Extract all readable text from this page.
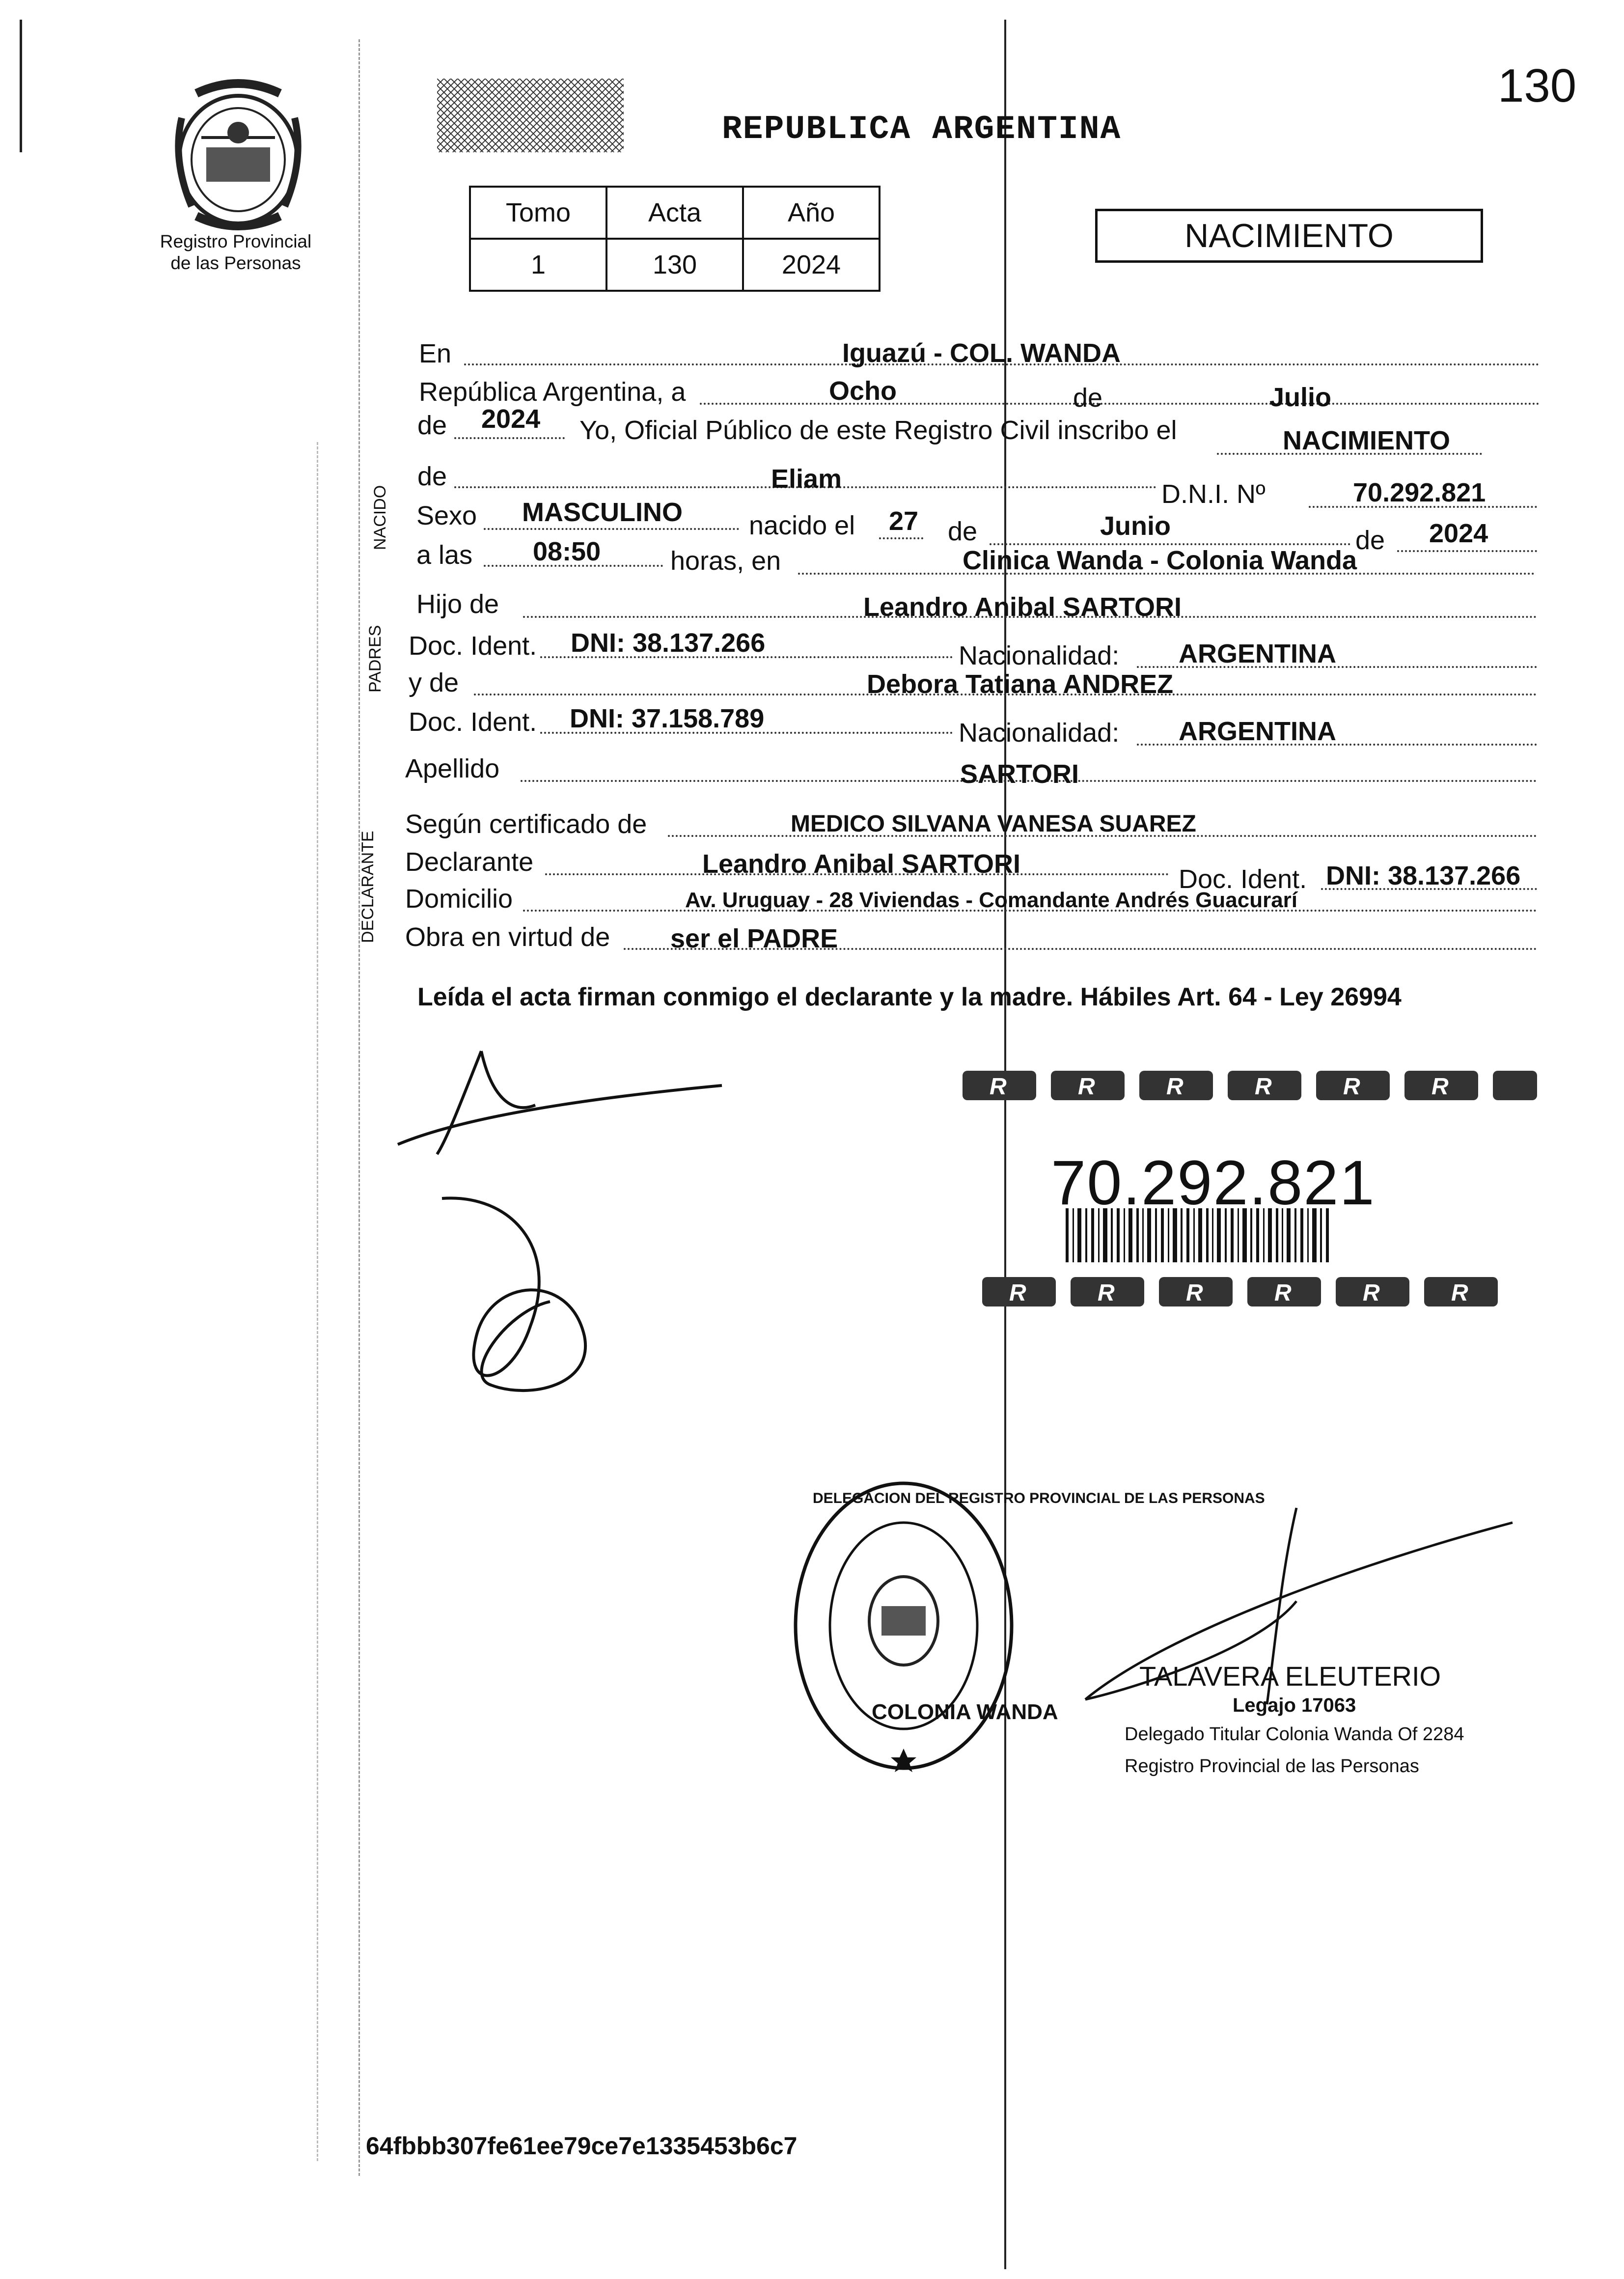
130
Registro Provincial
de las Personas
REPUBLICA ARGENTINA
Tomo	Acta	Año
1	130	2024
NACIMIENTO
NACIDO
PADRES
DECLARANTE
En	Iguazú - COL. WANDA
República Argentina, a	Ocho	de	Julio
de 2024 Yo, Oficial Público de este Registro Civil inscribo el	NACIMIENTO
de	Eliam
D.N.I. Nº	70.292.821
Sexo MASCULINO	nacido el 27 de	Junio	de 2024
a las 08:50	horas, en	Clinica Wanda - Colonia Wanda
Hijo de	Leandro Anibal SARTORI
Doc. Ident. DNI: 38.137.266	Nacionalidad: ARGENTINA
y de	Debora Tatiana ANDREZ
Doc. Ident. DNI: 37.158.789	Nacionalidad: ARGENTINA
Apellido	SARTORI
Según certificado de	MEDICO SILVANA VANESA SUAREZ
Declarante	Leandro Anibal SARTORI
Doc. Ident. DNI: 38.137.266
Domicilio	Av. Uruguay - 28 Viviendas - Comandante Andrés Guacurarí
Obra en virtud de ser el PADRE
Leída el acta firman conmigo el declarante y la madre. Hábiles Art. 64 - Ley 26994
R	R	R	R	R	R
R	R	R	R	R	R
70.292.821
COLONIA WANDA
DELEGACION DEL REGISTRO PROVINCIAL DE LAS PERSONAS
TALAVERA ELEUTERIO
Legajo 17063
Delegado Titular Colonia Wanda Of 2284
Registro Provincial de las Personas
64fbbb307fe61ee79ce7e1335453b6c7
